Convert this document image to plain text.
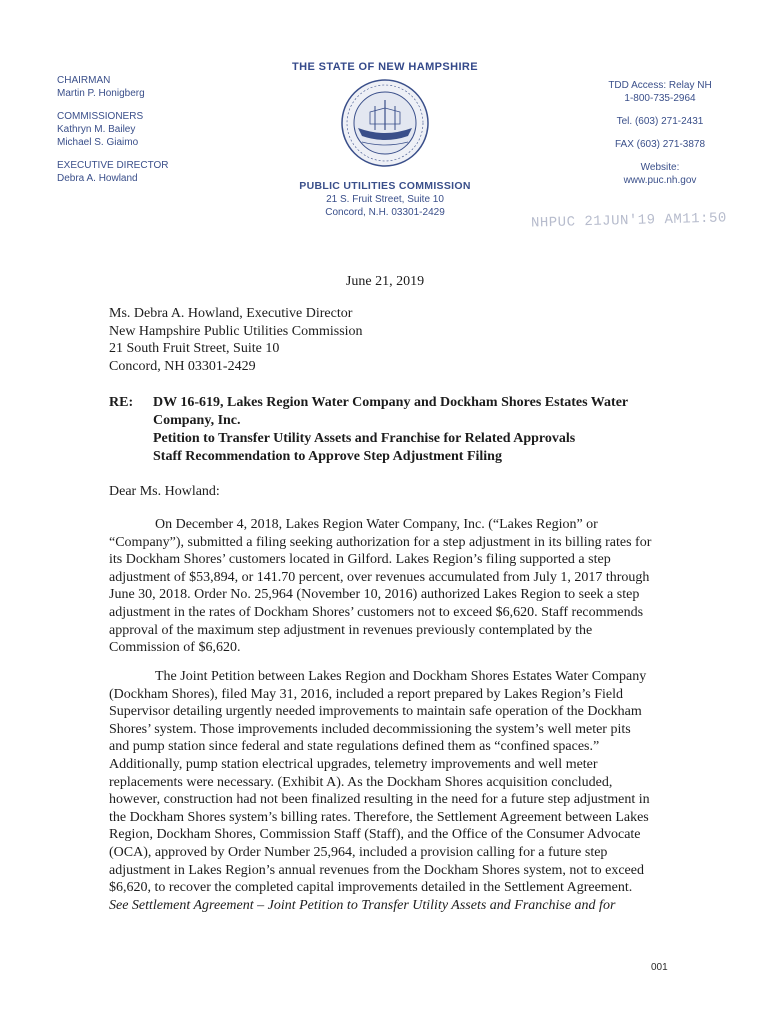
THE STATE OF NEW HAMPSHIRE
CHAIRMAN
Martin P. Honigberg
COMMISSIONERS
Kathryn M. Bailey
Michael S. Giaimo
EXECUTIVE DIRECTOR
Debra A. Howland
TDD Access: Relay NH
1-800-735-2964
Tel. (603) 271-2431
FAX (603) 271-3878
Website:
www.puc.nh.gov
PUBLIC UTILITIES COMMISSION
21 S. Fruit Street, Suite 10
Concord, N.H. 03301-2429	NHPUC 21JUN'19 AM11:50
June 21, 2019
Ms. Debra A. Howland, Executive Director
New Hampshire Public Utilities Commission
21 South Fruit Street, Suite 10
Concord, NH 03301-2429
RE: DW 16-619, Lakes Region Water Company and Dockham Shores Estates Water
Company, Inc.
Petition to Transfer Utility Assets and Franchise for Related Approvals
Staff Recommendation to Approve Step Adjustment Filing
Dear Ms. Howland:
On December 4, 2018, Lakes Region Water Company, Inc. (“Lakes Region” or
“Company”), submitted a filing seeking authorization for a step adjustment in its billing rates for
its Dockham Shores’ customers located in Gilford. Lakes Region’s filing supported a step
adjustment of $53,894, or 141.70 percent, over revenues accumulated from July 1, 2017 through
June 30, 2018. Order No. 25,964 (November 10, 2016) authorized Lakes Region to seek a step
adjustment in the rates of Dockham Shores’ customers not to exceed $6,620. Staff recommends
approval of the maximum step adjustment in revenues previously contemplated by the
Commission of $6,620.
The Joint Petition between Lakes Region and Dockham Shores Estates Water Company
(Dockham Shores), filed May 31, 2016, included a report prepared by Lakes Region’s Field
Supervisor detailing urgently needed improvements to maintain safe operation of the Dockham
Shores’ system. Those improvements included decommissioning the system’s well meter pits
and pump station since federal and state regulations defined them as “confined spaces.”
Additionally, pump station electrical upgrades, telemetry improvements and well meter
replacements were necessary. (Exhibit A). As the Dockham Shores acquisition concluded,
however, construction had not been finalized resulting in the need for a future step adjustment in
the Dockham Shores system’s billing rates. Therefore, the Settlement Agreement between Lakes
Region, Dockham Shores, Commission Staff (Staff), and the Office of the Consumer Advocate
(OCA), approved by Order Number 25,964, included a provision calling for a future step
adjustment in Lakes Region’s annual revenues from the Dockham Shores system, not to exceed
$6,620, to recover the completed capital improvements detailed in the Settlement Agreement.
See Settlement Agreement – Joint Petition to Transfer Utility Assets and Franchise and for
001
